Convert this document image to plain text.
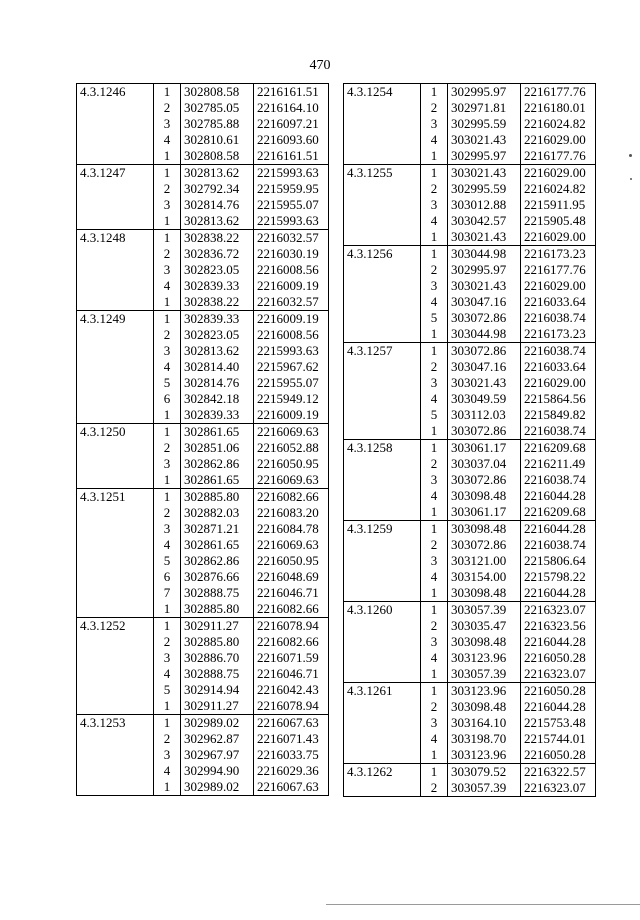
470
4.3.1246	1	302808.58	2216161.51
	2	302785.05	2216164.10
	3	302785.88	2216097.21
	4	302810.61	2216093.60
	1	302808.58	2216161.51
4.3.1247	1	302813.62	2215993.63
	2	302792.34	2215959.95
	3	302814.76	2215955.07
	1	302813.62	2215993.63
4.3.1248	1	302838.22	2216032.57
	2	302836.72	2216030.19
	3	302823.05	2216008.56
	4	302839.33	2216009.19
	1	302838.22	2216032.57
4.3.1249	1	302839.33	2216009.19
	2	302823.05	2216008.56
	3	302813.62	2215993.63
	4	302814.40	2215967.62
	5	302814.76	2215955.07
	6	302842.18	2215949.12
	1	302839.33	2216009.19
4.3.1250	1	302861.65	2216069.63
	2	302851.06	2216052.88
	3	302862.86	2216050.95
	1	302861.65	2216069.63
4.3.1251	1	302885.80	2216082.66
	2	302882.03	2216083.20
	3	302871.21	2216084.78
	4	302861.65	2216069.63
	5	302862.86	2216050.95
	6	302876.66	2216048.69
	7	302888.75	2216046.71
	1	302885.80	2216082.66
4.3.1252	1	302911.27	2216078.94
	2	302885.80	2216082.66
	3	302886.70	2216071.59
	4	302888.75	2216046.71
	5	302914.94	2216042.43
	1	302911.27	2216078.94
4.3.1253	1	302989.02	2216067.63
	2	302962.87	2216071.43
	3	302967.97	2216033.75
	4	302994.90	2216029.36
	1	302989.02	2216067.63
4.3.1254	1	302995.97	2216177.76
	2	302971.81	2216180.01
	3	302995.59	2216024.82
	4	303021.43	2216029.00
	1	302995.97	2216177.76
4.3.1255	1	303021.43	2216029.00
	2	302995.59	2216024.82
	3	303012.88	2215911.95
	4	303042.57	2215905.48
	1	303021.43	2216029.00
4.3.1256	1	303044.98	2216173.23
	2	302995.97	2216177.76
	3	303021.43	2216029.00
	4	303047.16	2216033.64
	5	303072.86	2216038.74
	1	303044.98	2216173.23
4.3.1257	1	303072.86	2216038.74
	2	303047.16	2216033.64
	3	303021.43	2216029.00
	4	303049.59	2215864.56
	5	303112.03	2215849.82
	1	303072.86	2216038.74
4.3.1258	1	303061.17	2216209.68
	2	303037.04	2216211.49
	3	303072.86	2216038.74
	4	303098.48	2216044.28
	1	303061.17	2216209.68
4.3.1259	1	303098.48	2216044.28
	2	303072.86	2216038.74
	3	303121.00	2215806.64
	4	303154.00	2215798.22
	1	303098.48	2216044.28
4.3.1260	1	303057.39	2216323.07
	2	303035.47	2216323.56
	3	303098.48	2216044.28
	4	303123.96	2216050.28
	1	303057.39	2216323.07
4.3.1261	1	303123.96	2216050.28
	2	303098.48	2216044.28
	3	303164.10	2215753.48
	4	303198.70	2215744.01
	1	303123.96	2216050.28
4.3.1262	1	303079.52	2216322.57
	2	303057.39	2216323.07
